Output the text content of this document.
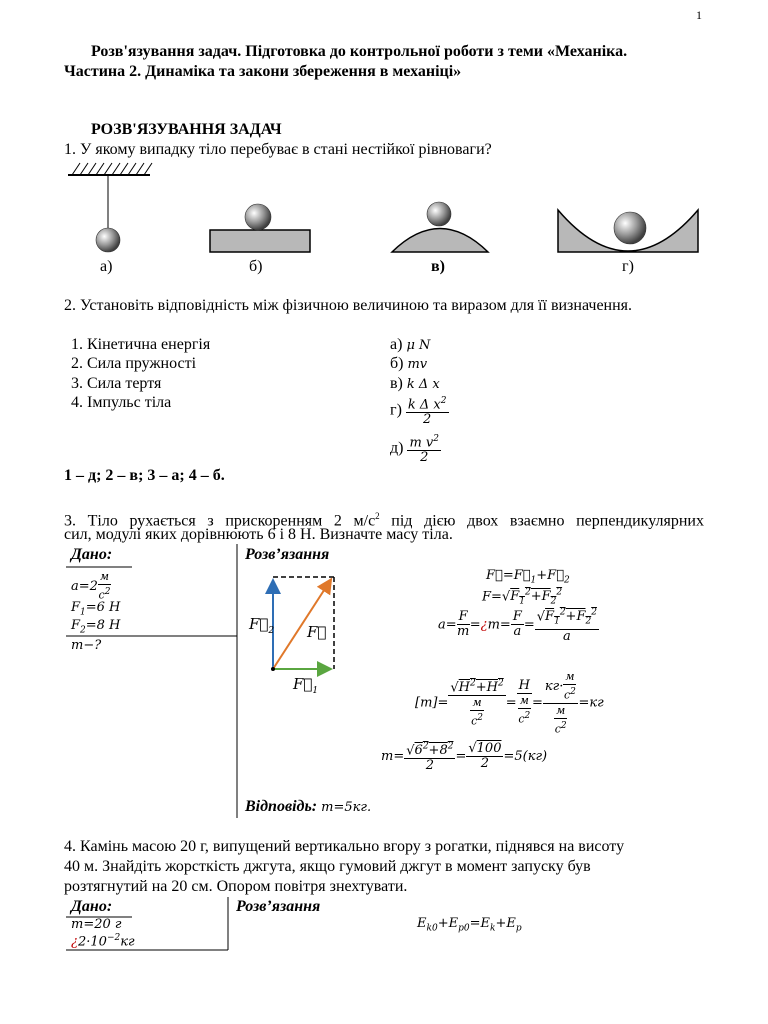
1
Розв'язування задач. Підготовка до контрольної роботи з теми «Механіка.
Частина 2. Динаміка та закони збереження в механіці»
РОЗВ'ЯЗУВАННЯ ЗАДАЧ
1. У якому випадку тіло перебуває в стані нестійкої рівноваги?
а)	б)	в)	г)
2. Установіть відповідність між фізичною величиною та виразом для її визначення.
1. Кінетична енергія
2. Сила пружності
3. Сила тертя
4. Імпульс тіла
а) μ N
б) mv
в) k Δ x
$г) \frac{k \Delta x^2}{2}$
$д) \frac{m v^2}{2}$
1 – д; 2 – в; 3 – а; 4 – б.
3. Тіло рухається з прискоренням 2 $м/с^2$ під дією двох взаємно перпендикулярних
сил, модулі яких дорівнюють 6 і 8 Н. Визначте масу тіла.
Дано:	Розв’язання
$a=2 \frac{м}{с^2}$
$F_1=6$ Н
$F_2=8$ Н
m−?
$F⃗_2$ F⃗
$F⃗_1$
$F⃗=F⃗_1+F⃗_2$
$F=√F_1^2+F_2^2$
$a= \frac{F}{m}$ =¿m= $\frac{F}{a} = \frac{√F_1^2+F_2^2}{a}$
$[m]= \frac{√Н^2+Н^2}{\frac{м}{с^2}} = \frac{Н}{\frac{м}{с^2}} = \frac{кг\cdot \frac{м}{с^2}}{\frac{м}{с^2}} =кг$
$m= \frac{√6^2+8^2}{2} = \frac{√100}{2} =5(кг)$
Відповідь: m=5кг.
4. Камінь масою 20 г, випущений вертикально вгору з рогатки, піднявся на висоту
40 м. Знайдіть жорсткість джгута, якщо гумовий джгут в момент запуску був
розтягнутий на 20 см. Опором повітря знехтувати.
Дано:	Розв’язання
m=20 г
¿$2\cdot 10^{-2}кг$
$E_{k0}+E_{p0}=E_k+E_p$
